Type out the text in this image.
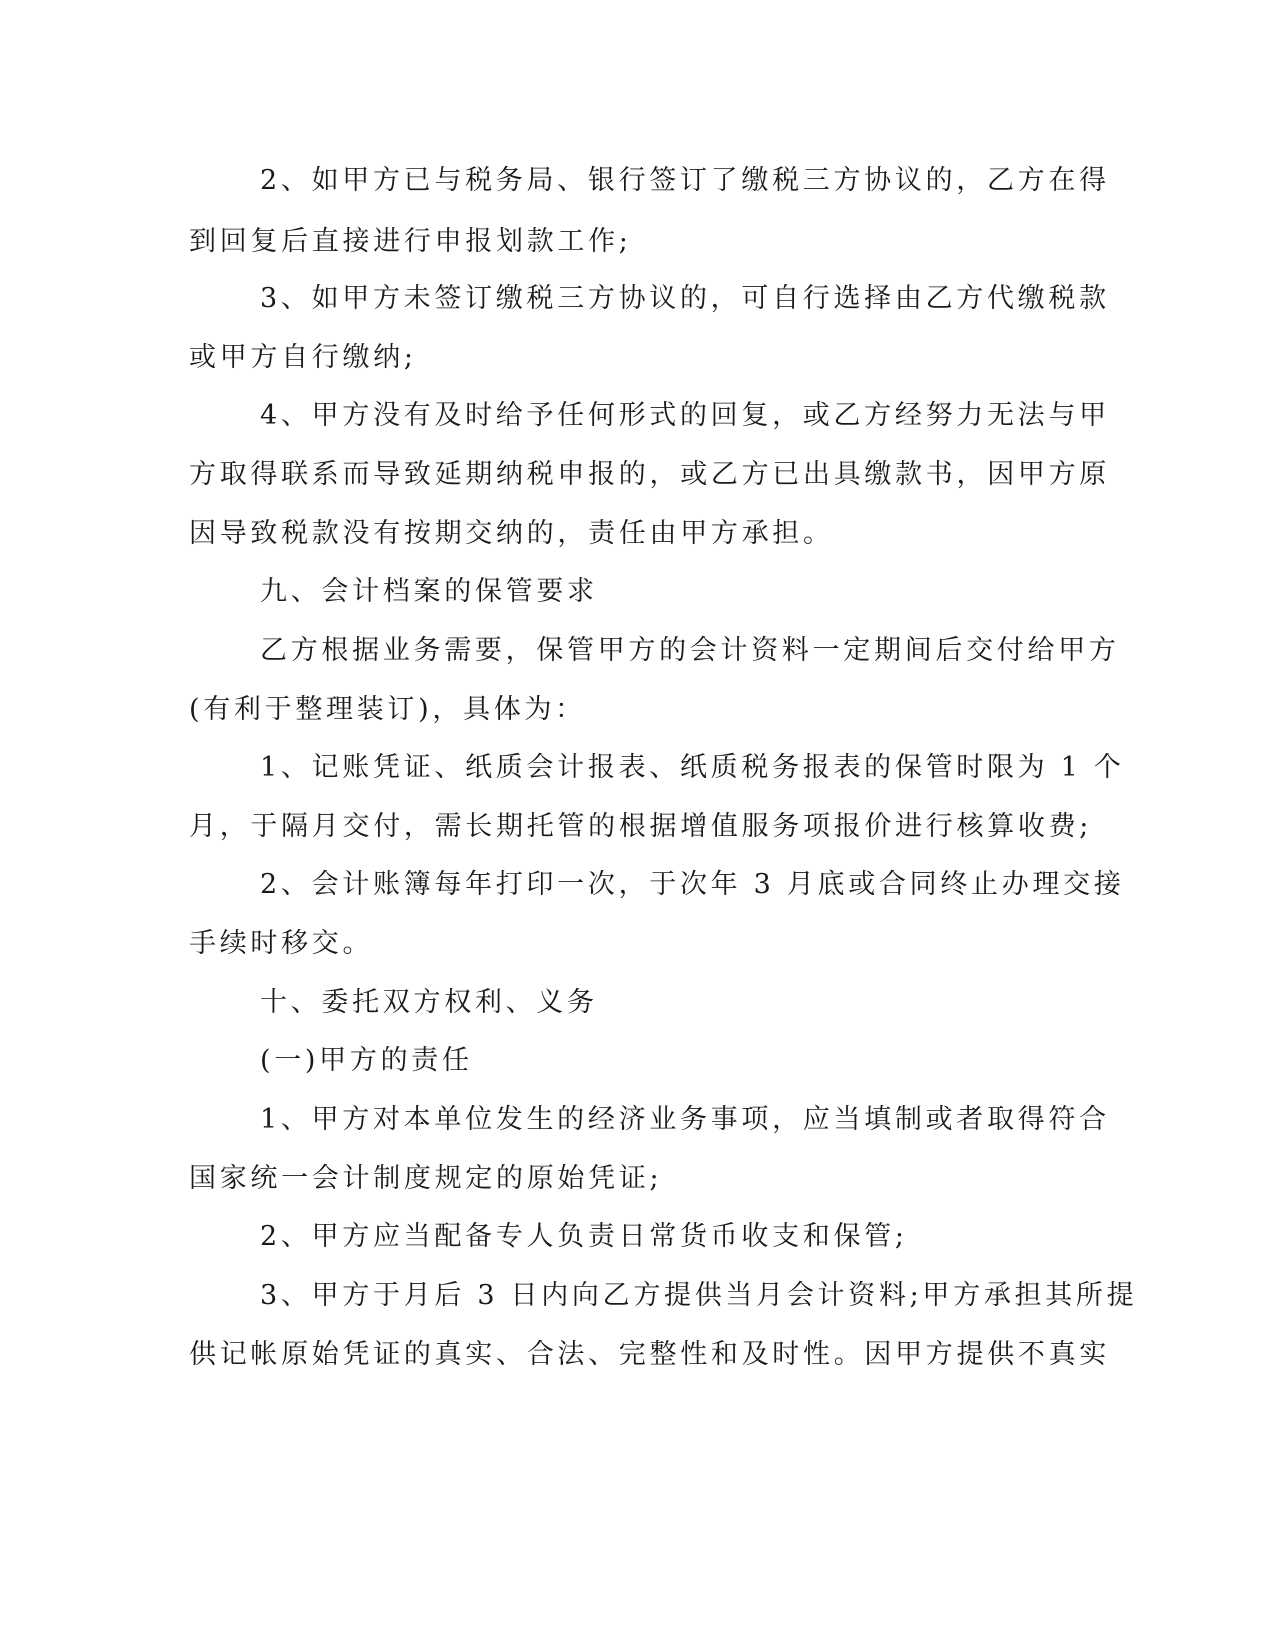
2、如甲方已与税务局、银行签订了缴税三方协议的，乙方在得
到回复后直接进行申报划款工作;
3、如甲方未签订缴税三方协议的，可自行选择由乙方代缴税款
或甲方自行缴纳;
4、甲方没有及时给予任何形式的回复，或乙方经努力无法与甲
方取得联系而导致延期纳税申报的，或乙方已出具缴款书，因甲方原
因导致税款没有按期交纳的，责任由甲方承担。
九、会计档案的保管要求
乙方根据业务需要，保管甲方的会计资料一定期间后交付给甲方
(有利于整理装订)，具体为：
1、记账凭证、纸质会计报表、纸质税务报表的保管时限为 1 个
月，于隔月交付，需长期托管的根据增值服务项报价进行核算收费;
2、会计账簿每年打印一次，于次年 3 月底或合同终止办理交接
手续时移交。
十、委托双方权利、义务
(一)甲方的责任
1、甲方对本单位发生的经济业务事项，应当填制或者取得符合
国家统一会计制度规定的原始凭证;
2、甲方应当配备专人负责日常货币收支和保管;
3、甲方于月后 3 日内向乙方提供当月会计资料;甲方承担其所提
供记帐原始凭证的真实、合法、完整性和及时性。因甲方提供不真实
